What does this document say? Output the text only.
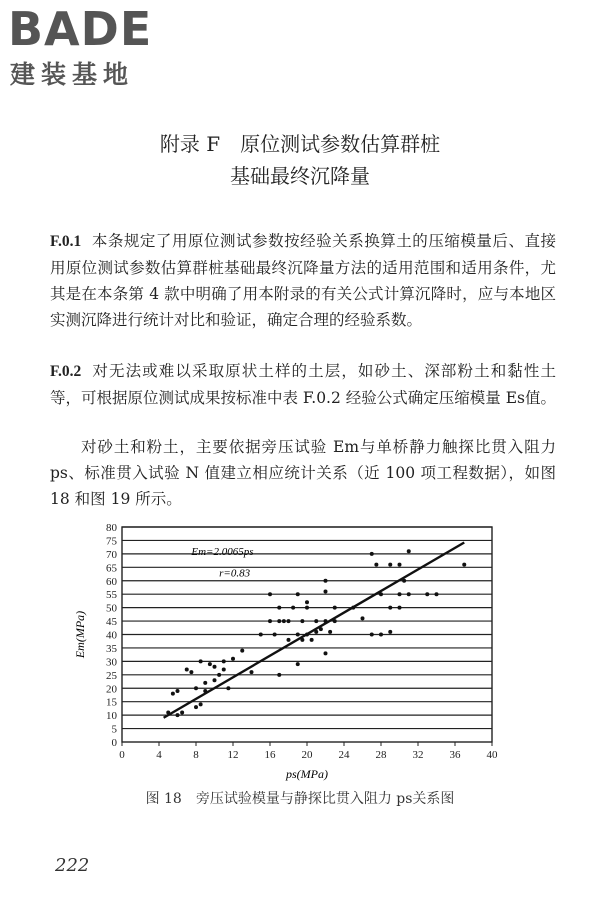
BADE
建装基地
附录 F　原位测试参数估算群桩
基础最终沉降量
F.0.1 本条规定了用原位测试参数按经验关系换算土的压缩模量后、直接用原位测试参数估算群桩基础最终沉降量方法的适用范围和适用条件，尤其是在本条第 4 款中明确了用本附录的有关公式计算沉降时，应与本地区实测沉降进行统计对比和验证，确定合理的经验系数。
F.0.2 对无法或难以采取原状土样的土层，如砂土、深部粉土和黏性土等，可根据原位测试成果按标准中表 F.0.2 经验公式确定压缩模量 Es值。
对砂土和粉土，主要依据旁压试验 Em与单桥静力触探比贯入阻力 ps、标准贯入试验 N 值建立相应统计关系（近 100 项工程数据），如图 18 和图 19 所示。
0
5
10
15
20
25
30
35
40
45
50
55
60
65
70
75
80
0	4	8	12 16 20 24 28 32 36 40
Em=2.0065ps
r=0.83
ps(MPa)
Em(MPa)
图 18　旁压试验模量与静探比贯入阻力 ps关系图
222
